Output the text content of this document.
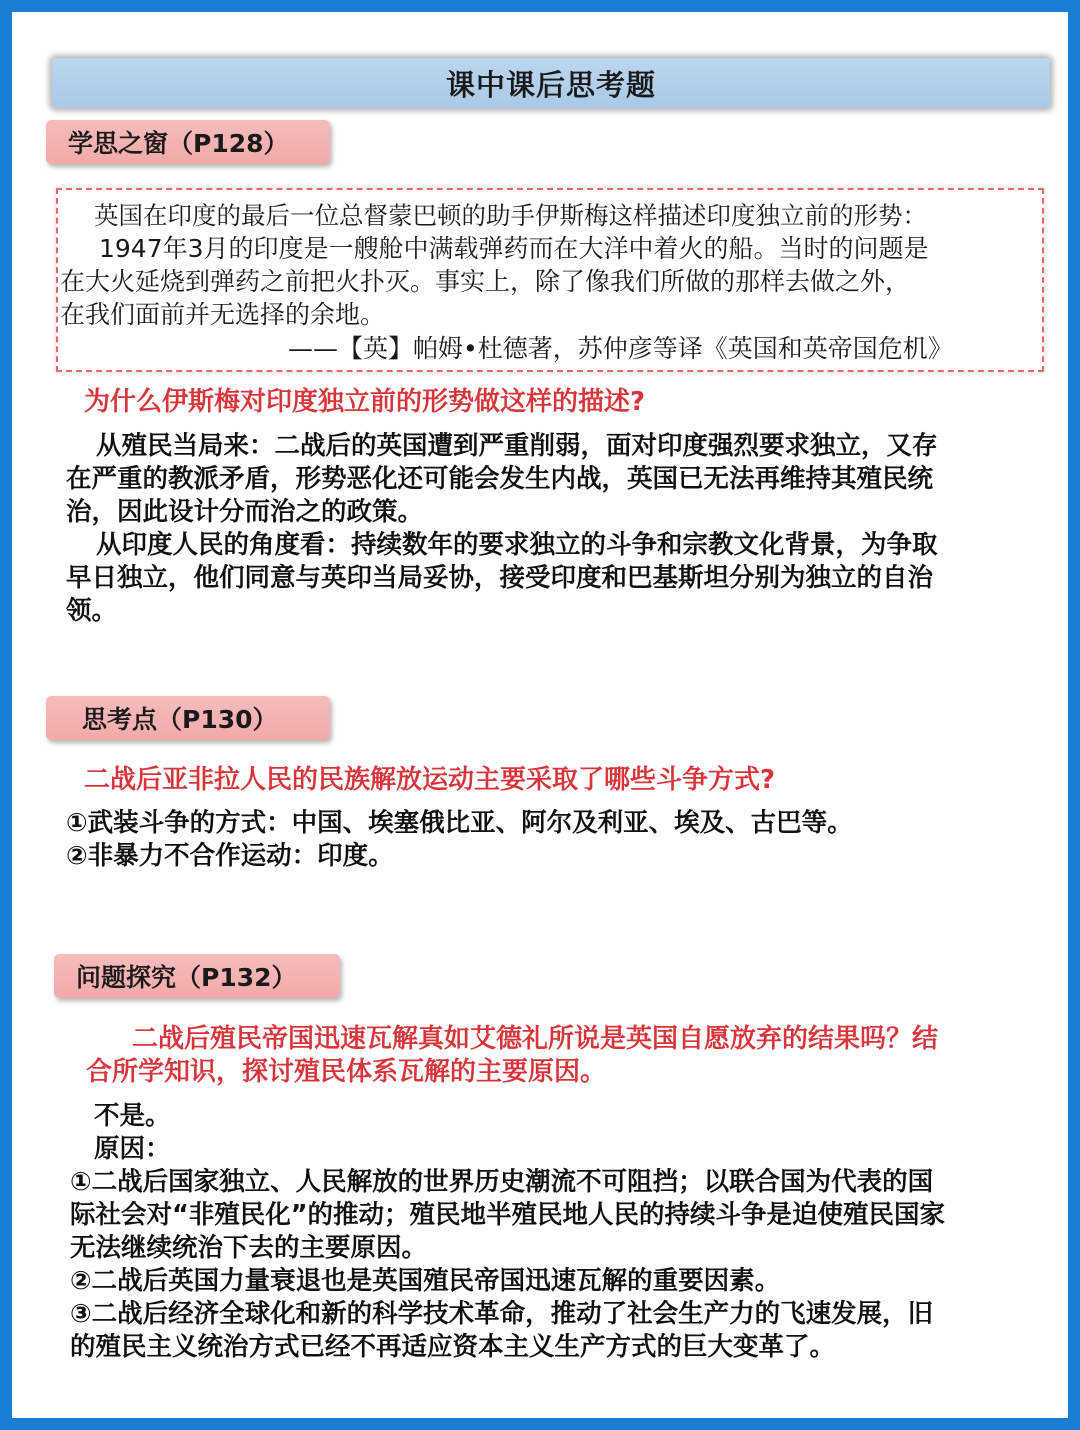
课中课后思考题
学思之窗（P128）
英国在印度的最后一位总督蒙巴顿的助手伊斯梅这样描述印度独立前的形势：
1947年3月的印度是一艘舱中满载弹药而在大洋中着火的船。当时的问题是
在大火延烧到弹药之前把火扑灭。事实上，除了像我们所做的那样去做之外，
在我们面前并无选择的余地。
——【英】帕姆•杜德著，苏仲彦等译《英国和英帝国危机》
为什么伊斯梅对印度独立前的形势做这样的描述?
从殖民当局来：二战后的英国遭到严重削弱，面对印度强烈要求独立，又存
在严重的教派矛盾，形势恶化还可能会发生内战，英国已无法再维持其殖民统
治，因此设计分而治之的政策。
从印度人民的角度看：持续数年的要求独立的斗争和宗教文化背景，为争取
早日独立，他们同意与英印当局妥协，接受印度和巴基斯坦分别为独立的自治
领。
思考点（P130）
二战后亚非拉人民的民族解放运动主要采取了哪些斗争方式?
①武装斗争的方式：中国、埃塞俄比亚、阿尔及利亚、埃及、古巴等。
②非暴力不合作运动：印度。
问题探究（P132）
二战后殖民帝国迅速瓦解真如艾德礼所说是英国自愿放弃的结果吗？结
合所学知识，探讨殖民体系瓦解的主要原因。
不是。
原因：
①二战后国家独立、人民解放的世界历史潮流不可阻挡；以联合国为代表的国
际社会对“非殖民化”的推动；殖民地半殖民地人民的持续斗争是迫使殖民国家
无法继续统治下去的主要原因。
②二战后英国力量衰退也是英国殖民帝国迅速瓦解的重要因素。
③二战后经济全球化和新的科学技术革命，推动了社会生产力的飞速发展，旧
的殖民主义统治方式已经不再适应资本主义生产方式的巨大变革了。
